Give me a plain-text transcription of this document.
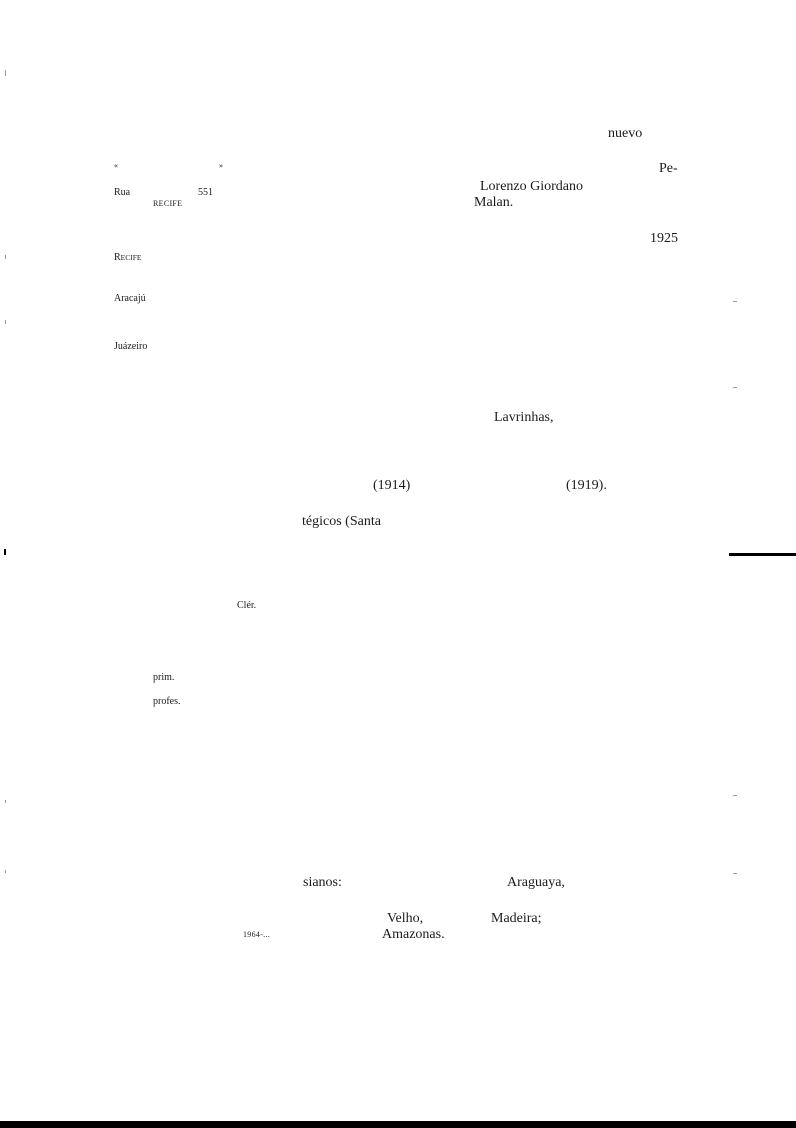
«	»
Rua	551
RECIFE
RECIFE
Aracajú
Juázeiro
Clér.
prim.
profes.
1964-...
nuevo
Pe-
Lorenzo Giordano
Malan.
1925
Lavrinhas,
(1914)	(1919).
tégicos (Santa
sianos:	Araguaya,
Velho,	Madeira;
Amazonas.
